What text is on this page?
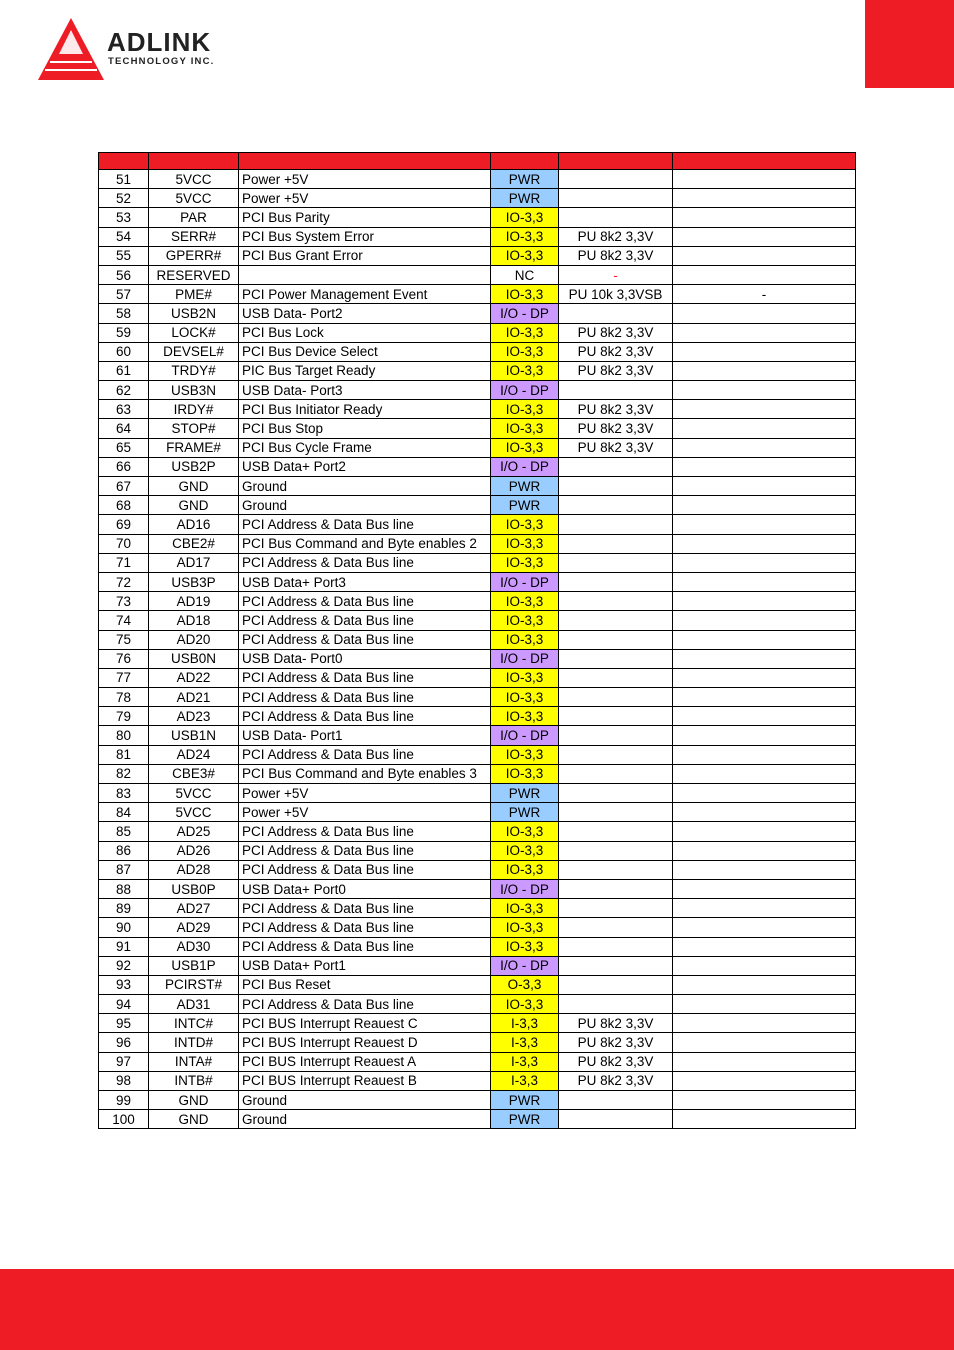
ADLINK
TECHNOLOGY INC.

51	5VCC	Power +5V	PWR		
52	5VCC	Power +5V	PWR		
53	PAR	PCI Bus Parity	IO-3,3		
54	SERR#	PCI Bus System Error	IO-3,3	PU 8k2 3,3V	
55	GPERR#	PCI Bus Grant Error	IO-3,3	PU 8k2 3,3V	
56	RESERVED		NC	-	
57	PME#	PCI Power Management Event	IO-3,3	PU 10k 3,3VSB	-
58	USB2N	USB Data- Port2	I/O - DP		
59	LOCK#	PCI Bus Lock	IO-3,3	PU 8k2 3,3V	
60	DEVSEL#	PCI Bus Device Select	IO-3,3	PU 8k2 3,3V	
61	TRDY#	PIC Bus Target Ready	IO-3,3	PU 8k2 3,3V	
62	USB3N	USB Data- Port3	I/O - DP		
63	IRDY#	PCI Bus Initiator Ready	IO-3,3	PU 8k2 3,3V	
64	STOP#	PCI Bus Stop	IO-3,3	PU 8k2 3,3V	
65	FRAME#	PCI Bus Cycle Frame	IO-3,3	PU 8k2 3,3V	
66	USB2P	USB Data+ Port2	I/O - DP		
67	GND	Ground	PWR		
68	GND	Ground	PWR		
69	AD16	PCI Address & Data Bus line	IO-3,3		
70	CBE2#	PCI Bus Command and Byte enables 2	IO-3,3		
71	AD17	PCI Address & Data Bus line	IO-3,3		
72	USB3P	USB Data+ Port3	I/O - DP		
73	AD19	PCI Address & Data Bus line	IO-3,3		
74	AD18	PCI Address & Data Bus line	IO-3,3		
75	AD20	PCI Address & Data Bus line	IO-3,3		
76	USB0N	USB Data- Port0	I/O - DP		
77	AD22	PCI Address & Data Bus line	IO-3,3		
78	AD21	PCI Address & Data Bus line	IO-3,3		
79	AD23	PCI Address & Data Bus line	IO-3,3		
80	USB1N	USB Data- Port1	I/O - DP		
81	AD24	PCI Address & Data Bus line	IO-3,3		
82	CBE3#	PCI Bus Command and Byte enables 3	IO-3,3		
83	5VCC	Power +5V	PWR		
84	5VCC	Power +5V	PWR		
85	AD25	PCI Address & Data Bus line	IO-3,3		
86	AD26	PCI Address & Data Bus line	IO-3,3		
87	AD28	PCI Address & Data Bus line	IO-3,3		
88	USB0P	USB Data+ Port0	I/O - DP		
89	AD27	PCI Address & Data Bus line	IO-3,3		
90	AD29	PCI Address & Data Bus line	IO-3,3		
91	AD30	PCI Address & Data Bus line	IO-3,3		
92	USB1P	USB Data+ Port1	I/O - DP		
93	PCIRST#	PCI Bus Reset	O-3,3		
94	AD31	PCI Address & Data Bus line	IO-3,3		
95	INTC#	PCI BUS Interrupt Reauest C	I-3,3	PU 8k2 3,3V	
96	INTD#	PCI BUS Interrupt Reauest D	I-3,3	PU 8k2 3,3V	
97	INTA#	PCI BUS Interrupt Reauest A	I-3,3	PU 8k2 3,3V	
98	INTB#	PCI BUS Interrupt Reauest B	I-3,3	PU 8k2 3,3V	
99	GND	Ground	PWR		
100	GND	Ground	PWR		
